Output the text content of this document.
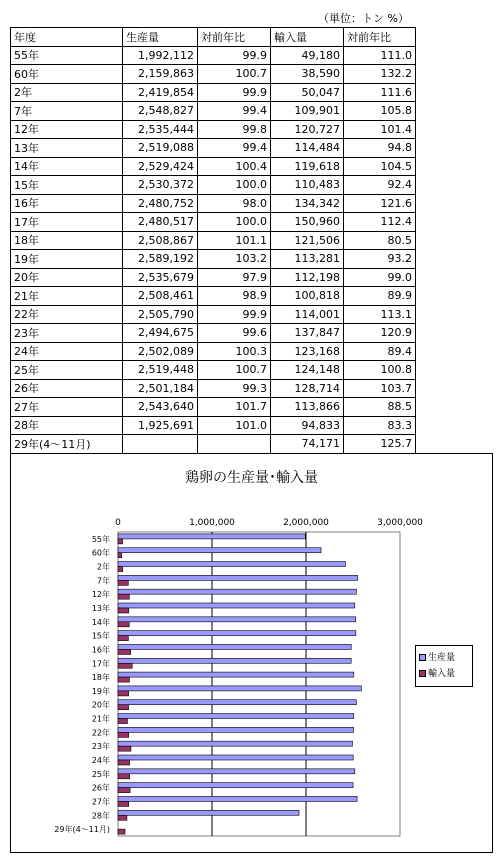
（単位：トン %）
年度	生産量	対前年比	輸入量	対前年比
55年	1,992,112	99.9	49,180	111.0
60年	2,159,863	100.7	38,590	132.2
2年	2,419,854	99.9	50,047	111.6
7年	2,548,827	99.4	109,901	105.8
12年	2,535,444	99.8	120,727	101.4
13年	2,519,088	99.4	114,484	94.8
14年	2,529,424	100.4	119,618	104.5
15年	2,530,372	100.0	110,483	92.4
16年	2,480,752	98.0	134,342	121.6
17年	2,480,517	100.0	150,960	112.4
18年	2,508,867	101.1	121,506	80.5
19年	2,589,192	103.2	113,281	93.2
20年	2,535,679	97.9	112,198	99.0
21年	2,508,461	98.9	100,818	89.9
22年	2,505,790	99.9	114,001	113.1
23年	2,494,675	99.6	137,847	120.9
24年	2,502,089	100.3	123,168	89.4
25年	2,519,448	100.7	124,148	100.8
26年	2,501,184	99.3	128,714	103.7
27年	2,543,640	101.7	113,866	88.5
28年	1,925,691	101.0	94,833	83.3
29年(4～11月)			74,171	125.7
鶏卵の生産量･輸入量
0	1,000,000	2,000,000	3,000,000
55年
60年
2年
7年
12年
13年
14年
15年
16年
17年
18年
19年
20年
21年
22年
23年
24年
25年
26年
27年
28年
29年(4～11月)
生産量
輸入量
